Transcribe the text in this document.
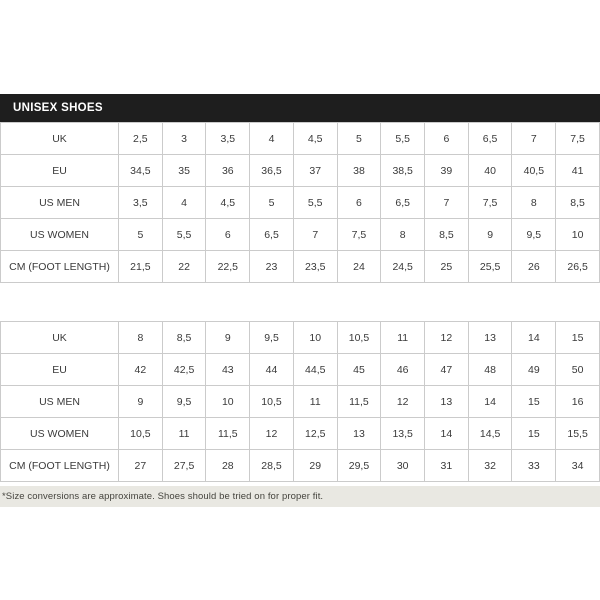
UNISEX SHOES
UK	2,5	3	3,5	4	4,5	5	5,5	6	6,5	7	7,5
EU	34,5	35	36	36,5	37	38	38,5	39	40	40,5	41
US MEN	3,5	4	4,5	5	5,5	6	6,5	7	7,5	8	8,5
US WOMEN	5	5,5	6	6,5	7	7,5	8	8,5	9	9,5	10
CM (FOOT LENGTH)	21,5	22	22,5	23	23,5	24	24,5	25	25,5	26	26,5
UK	8	8,5	9	9,5	10	10,5	11	12	13	14	15
EU	42	42,5	43	44	44,5	45	46	47	48	49	50
US MEN	9	9,5	10	10,5	11	11,5	12	13	14	15	16
US WOMEN	10,5	11	11,5	12	12,5	13	13,5	14	14,5	15	15,5
CM (FOOT LENGTH)	27	27,5	28	28,5	29	29,5	30	31	32	33	34
*Size conversions are approximate. Shoes should be tried on for proper fit.
